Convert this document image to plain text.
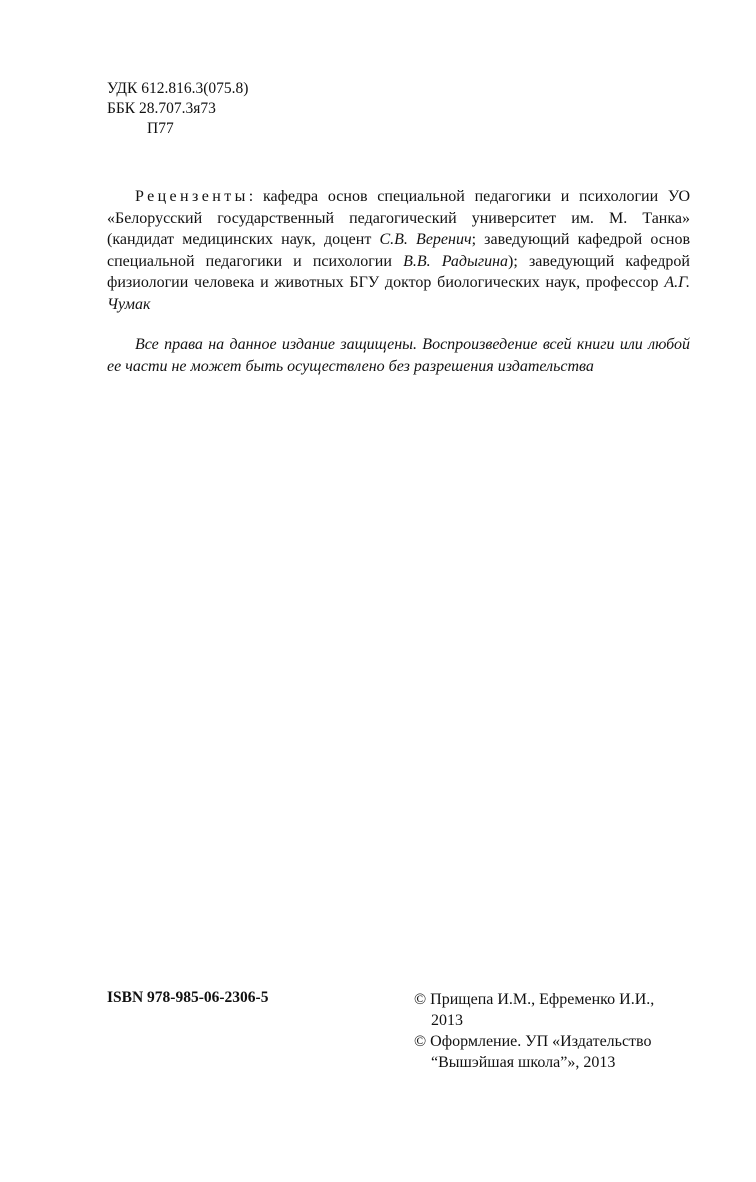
УДК 612.816.3(075.8)
ББК 28.707.3я73
П77

Рецензенты: кафедра основ специальной педагогики и психологии УО «Белорусский государственный педагогический университет им. М. Танка» (кандидат медицинских наук, доцент С.В. Веренич; заведующий кафедрой основ специальной педагогики и психологии В.В. Радыгина); заведующий кафедрой физиологии человека и животных БГУ доктор биологических наук, профессор А.Г. Чумак

Все права на данное издание защищены. Воспроизведение всей книги или любой ее части не может быть осуществлено без разрешения издательства

ISBN 978-985-06-2306-5	© Прищепа И.М., Ефременко И.И.,
2013
© Оформление. УП «Издательство
“Вышэйшая школа”», 2013
